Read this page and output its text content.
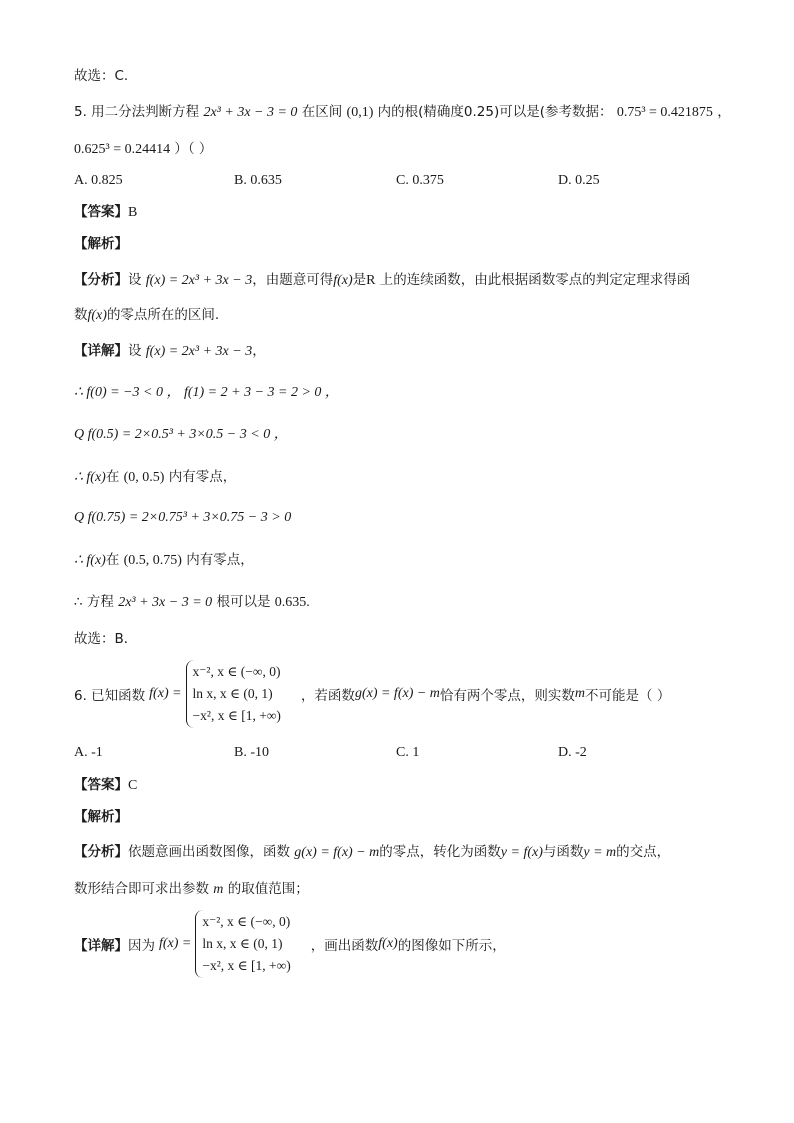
故选：C.
5. 用二分法判断方程 2x³ + 3x − 3 = 0 在区间 (0,1) 内的根(精确度0.25)可以是(参考数据： 0.75³ = 0.421875 ，
0.625³ = 0.24414 ）（ ）
A. 0.825	B. 0.635	C. 0.375	D. 0.25
【答案】B
【解析】
【分析】设 f(x) = 2x³ + 3x − 3，由题意可得f(x)是R 上的连续函数，由此根据函数零点的判定定理求得函
数f(x)的零点所在的区间.
【详解】设 f(x) = 2x³ + 3x − 3，
∴ f(0) = −3 < 0 ， f(1) = 2 + 3 − 3 = 2 > 0 ，
Q f(0.5) = 2×0.5³ + 3×0.5 − 3 < 0 ，
∴ f(x)在 (0, 0.5) 内有零点，
Q f(0.75) = 2×0.75³ + 3×0.75 − 3 > 0
∴ f(x)在 (0.5, 0.75) 内有零点，
∴ 方程 2x³ + 3x − 3 = 0 根可以是 0.635.
故选：B．
6. 已知函数 f(x) =
x⁻², x ∈ (−∞, 0)
ln x, x ∈ (0, 1)
−x², x ∈ [1, +∞)
，若函数 g(x) = f(x) − m 恰有两个零点，则实数 m 不可能是（ ）
A. -1	B. -10	C. 1	D. -2
【答案】C
【解析】
【分析】依题意画出函数图像，函数 g(x) = f(x) − m的零点，转化为函数y = f(x)与函数y = m的交点，
数形结合即可求出参数 m 的取值范围；
【详解】 因为 f(x) =
x⁻², x ∈ (−∞, 0)
ln x, x ∈ (0, 1)
−x², x ∈ [1, +∞)
，画出函数 f(x) 的图像如下所示，
